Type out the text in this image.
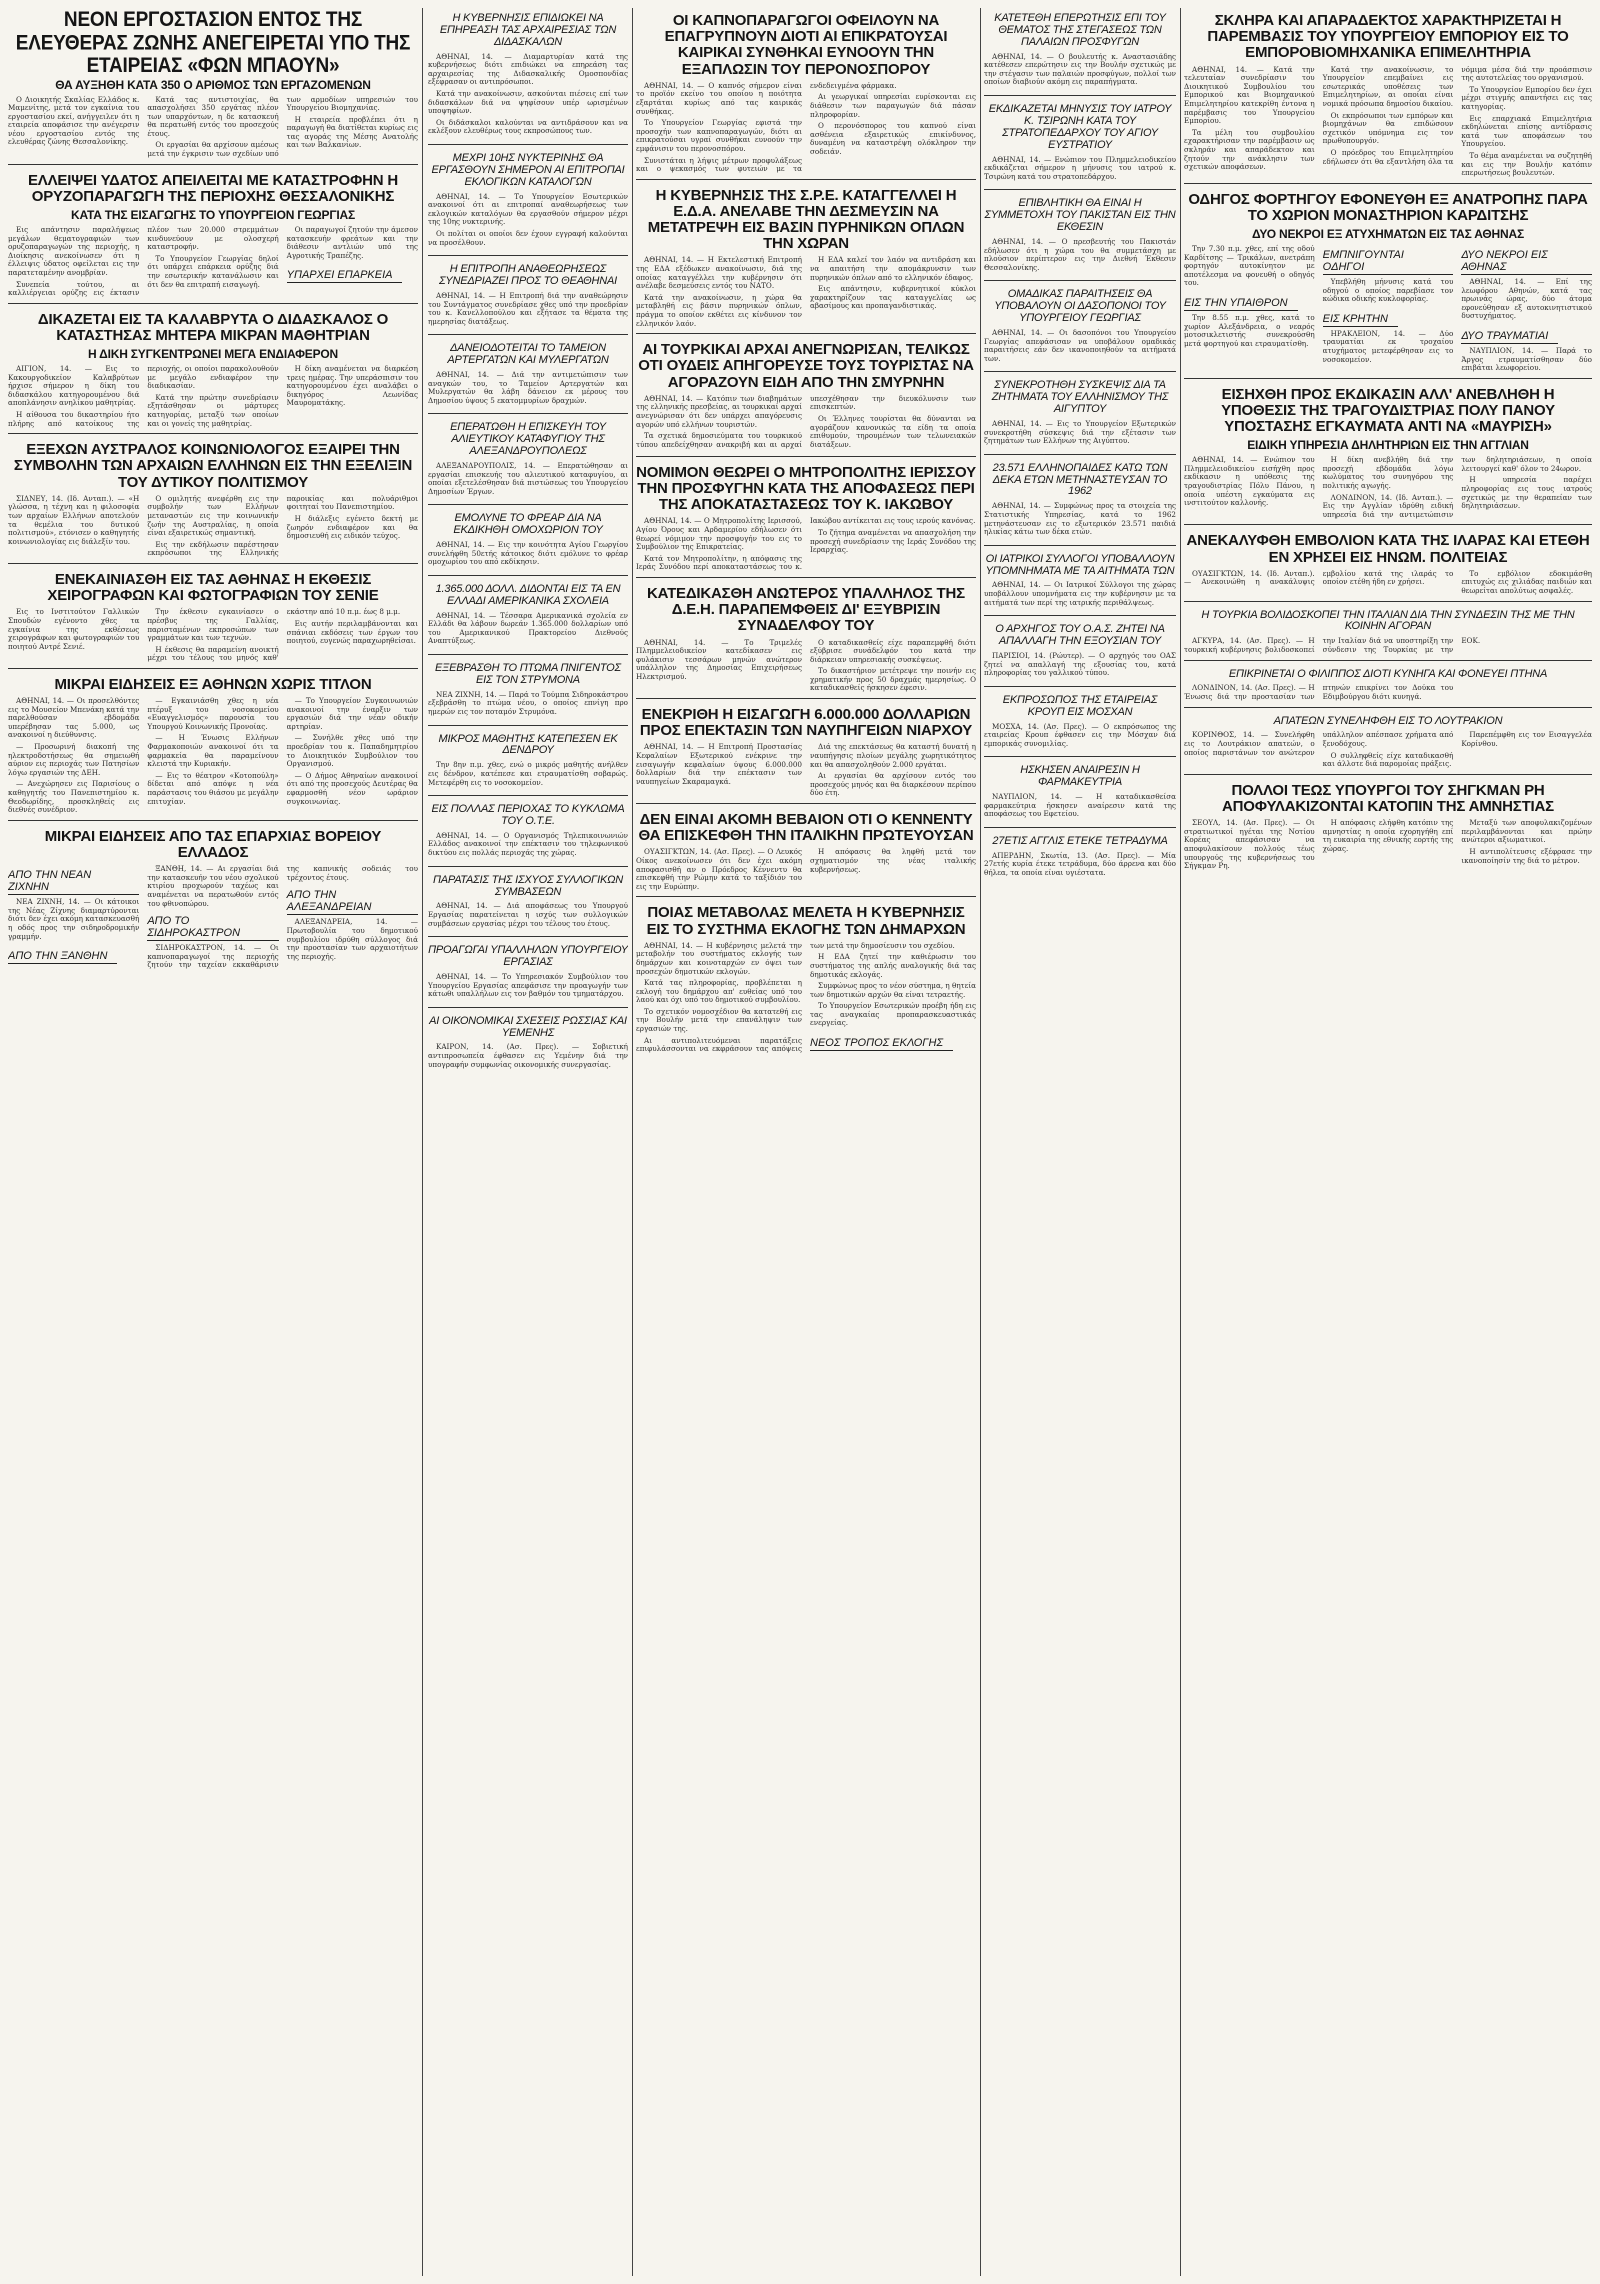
ΝΕΟΝ ΕΡΓΟΣΤΑΣΙΟΝ ΕΝΤΟΣ ΤΗΣ ΕΛΕΥΘΕΡΑΣ ΖΩΝΗΣ ΑΝΕΓΕΙΡΕΤΑΙ ΥΠΟ ΤΗΣ ΕΤΑΙΡΕΙΑΣ «ΦΩΝ ΜΠΑΟΥΝ»
ΘΑ ΑΥΞΗΘΗ ΚΑΤΑ 350 Ο ΑΡΙΘΜΟΣ ΤΩΝ ΕΡΓΑΖΟΜΕΝΩΝ

Ο Διοικητής Σκαλίας Ελλάδος κ. Μαμενίτης, μετά τον εγκαίνια του εργοστασίου εκεί, ανήγγειλεν ότι η εταιρεία αποφάσισε την ανέγερσιν νέου εργοστασίου εντός της ελευθέρας ζώνης Θεσσαλονίκης.

Κατά τας αντιστοιχίας, θα απασχολήσει 350 εργάτας πλέον των υπαρχόντων, η δε κατασκευή θα περατωθή εντός του προσεχούς έτους.

Οι εργασίαι θα αρχίσουν αμέσως μετά την έγκρισιν των σχεδίων υπό των αρμοδίων υπηρεσιών του Υπουργείου Βιομηχανίας.

Η εταιρεία προβλέπει ότι η παραγωγή θα διατίθεται κυρίως εις τας αγοράς της Μέσης Ανατολής και των Βαλκανίων.

ΕΛΛΕΙΨΕΙ ΥΔΑΤΟΣ ΑΠΕΙΛΕΙΤΑΙ ΜΕ ΚΑΤΑΣΤΡΟΦΗΝ Η ΟΡΥΖΟΠΑΡΑΓΩΓΗ ΤΗΣ ΠΕΡΙΟΧΗΣ ΘΕΣΣΑΛΟΝΙΚΗΣ
ΚΑΤΑ ΤΗΣ ΕΙΣΑΓΩΓΗΣ ΤΟ ΥΠΟΥΡΓΕΙΟΝ ΓΕΩΡΓΙΑΣ

Εις απάντησιν παραλήψεως μεγάλων θεματογραφιών των ορυζοπαραγωγών της περιοχής, η Διοίκησις ανεκοίνωσεν ότι η έλλειψις ύδατος οφείλεται εις την παρατεταμένην ανομβρίαν.

Συνεπεία τούτου, αι καλλιέργειαι ορύζης εις έκτασιν πλέον των 20.000 στρεμμάτων κινδυνεύουν με ολοσχερή καταστροφήν.

Το Υπουργείον Γεωργίας δηλοί ότι υπάρχει επάρκεια ορύζης διά την εσωτερικήν κατανάλωσιν και ότι δεν θα επιτραπή εισαγωγή.

Οι παραγωγοί ζητούν την άμεσον κατασκευήν φρεάτων και την διάθεσιν αντλιών υπό της Αγροτικής Τραπέζης.

ΥΠΑΡΧΕΙ ΕΠΑΡΚΕΙΑ
ΔΙΚΑΖΕΤΑΙ ΕΙΣ ΤΑ ΚΑΛΑΒΡΥΤΑ Ο ΔΙΔΑΣΚΑΛΟΣ Ο ΚΑΤΑΣΤΗΣΑΣ ΜΗΤΕΡΑ ΜΙΚΡΑΝ ΜΑΘΗΤΡΙΑΝ
Η ΔΙΚΗ ΣΥΓΚΕΝΤΡΩΝΕΙ ΜΕΓΑ ΕΝΔΙΑΦΕΡΟΝ

ΑΙΓΙΟΝ, 14. — Εις το Κακουργοδικείον Καλαβρύτων ήρχισε σήμερον η δίκη του διδασκάλου κατηγορουμένου διά αποπλάνησιν ανηλίκου μαθητρίας.

Η αίθουσα του δικαστηρίου ήτο πλήρης από κατοίκους της περιοχής, οι οποίοι παρακολουθούν με μεγάλο ενδιαφέρον την διαδικασίαν.

Κατά την πρώτην συνεδρίασιν εξητάσθησαν οι μάρτυρες κατηγορίας, μεταξύ των οποίων και οι γονείς της μαθητρίας.

Η δίκη αναμένεται να διαρκέση τρεις ημέρας. Την υπεράσπισιν του κατηγορουμένου έχει αναλάβει ο δικηγόρος Λεωνίδας Μαυροματάκης.

ΕΞΕΧΩΝ ΑΥΣΤΡΑΛΟΣ ΚΟΙΝΩΝΙΟΛΟΓΟΣ ΕΞΑΙΡΕΙ ΤΗΝ ΣΥΜΒΟΛΗΝ ΤΩΝ ΑΡΧΑΙΩΝ ΕΛΛΗΝΩΝ ΕΙΣ ΤΗΝ ΕΞΕΛΙΞΙΝ ΤΟΥ ΔΥΤΙΚΟΥ ΠΟΛΙΤΙΣΜΟΥ

ΣΙΔΝΕΥ, 14. (Ιδ. Ανταπ.). — «Η γλώσσα, η τέχνη και η φιλοσοφία των αρχαίων Ελλήνων αποτελούν τα θεμέλια του δυτικού πολιτισμού», ετόνισεν ο καθηγητής κοινωνιολογίας εις διάλεξίν του.

Ο ομιλητής ανεφέρθη εις την συμβολήν των Ελλήνων μεταναστών εις την κοινωνικήν ζωήν της Αυστραλίας, η οποία είναι εξαιρετικώς σημαντική.

Εις την εκδήλωσιν παρέστησαν εκπρόσωποι της Ελληνικής παροικίας και πολυάριθμοι φοιτηταί του Πανεπιστημίου.

Η διάλεξις εγένετο δεκτή με ζωηρόν ενδιαφέρον και θα δημοσιευθή εις ειδικόν τεύχος.

ΕΝΕΚΑΙΝΙΑΣΘΗ ΕΙΣ ΤΑΣ ΑΘΗΝΑΣ Η ΕΚΘΕΣΙΣ ΧΕΙΡΟΓΡΑΦΩΝ ΚΑΙ ΦΩΤΟΓΡΑΦΙΩΝ ΤΟΥ ΣΕΝΙΕ

Εις το Ινστιτούτον Γαλλικών Σπουδών εγένοντο χθες τα εγκαίνια της εκθέσεως χειρογράφων και φωτογραφιών του ποιητού Αντρέ Σενιέ.

Την έκθεσιν εγκαινίασεν ο πρέσβυς της Γαλλίας, παρισταμένων εκπροσώπων των γραμμάτων και των τεχνών.

Η έκθεσις θα παραμείνη ανοικτή μέχρι του τέλους του μηνός καθ' εκάστην από 10 π.μ. έως 8 μ.μ.

Εις αυτήν περιλαμβάνονται και σπάνιαι εκδόσεις των έργων του ποιητού, ευγενώς παραχωρηθείσαι.

ΜΙΚΡΑΙ ΕΙΔΗΣΕΙΣ ΕΞ ΑΘΗΝΩΝ ΧΩΡΙΣ ΤΙΤΛΟΝ

ΑΘΗΝΑΙ, 14. — Οι προσελθόντες εις το Μουσείον Μπενάκη κατά την παρελθούσαν εβδομάδα υπερέβησαν τας 5.000, ως ανακοινοί η διεύθυνσις.

— Προσωρινή διακοπή της ηλεκτροδοτήσεως θα σημειωθή αύριον εις περιοχάς των Πατησίων λόγω εργασιών της ΔΕΗ.

— Ανεχώρησεν εις Παρισίους ο καθηγητής του Πανεπιστημίου κ. Θεοδωρίδης, προσκληθείς εις διεθνές συνέδριον.

— Εγκαινιάσθη χθες η νέα πτέρυξ του νοσοκομείου «Ευαγγελισμός» παρουσία του Υπουργού Κοινωνικής Προνοίας.

— Η Ένωσις Ελλήνων Φαρμακοποιών ανακοινοί ότι τα φαρμακεία θα παραμείνουν κλειστά την Κυριακήν.

— Εις το θέατρον «Κοτοπούλη» δίδεται από απόψε η νέα παράστασις του θιάσου με μεγάλην επιτυχίαν.

— Το Υπουργείον Συγκοινωνιών ανακοινοί την έναρξιν των εργασιών διά την νέαν οδικήν αρτηρίαν.

— Συνήλθε χθες υπό την προεδρίαν του κ. Παπαδημητρίου το Διοικητικόν Συμβούλιον του Οργανισμού.

— Ο Δήμος Αθηναίων ανακοινοί ότι από της προσεχούς Δευτέρας θα εφαρμοσθή νέον ωράριον συγκοινωνίας.

ΜΙΚΡΑΙ ΕΙΔΗΣΕΙΣ ΑΠΟ ΤΑΣ ΕΠΑΡΧΙΑΣ ΒΟΡΕΙΟΥ ΕΛΛΑΔΟΣ
ΑΠΟ ΤΗΝ ΝΕΑΝ ΖΙΧΝΗΝ

ΝΕΑ ΖΙΧΝΗ, 14. — Οι κάτοικοι της Νέας Ζίχνης διαμαρτύρονται διότι δεν έχει ακόμη κατασκευασθή η οδός προς την σιδηροδρομικήν γραμμήν.

ΑΠΟ ΤΗΝ ΞΑΝΘΗΝ

ΞΑΝΘΗ, 14. — Αι εργασίαι διά την κατασκευήν του νέου σχολικού κτιρίου προχωρούν ταχέως και αναμένεται να περατωθούν εντός του φθινοπώρου.

ΑΠΟ ΤΟ ΣΙΔΗΡΟΚΑΣΤΡΟΝ

ΣΙΔΗΡΟΚΑΣΤΡΟΝ, 14. — Οι καπνοπαραγωγοί της περιοχής ζητούν την ταχείαν εκκαθάρισιν της καπνικής σοδειάς του τρέχοντος έτους.

ΑΠΟ ΤΗΝ ΑΛΕΞΑΝΔΡΕΙΑΝ

ΑΛΕΞΑΝΔΡΕΙΑ, 14. — Πρωτοβουλία του δημοτικού συμβουλίου ιδρύθη σύλλογος διά την προστασίαν των αρχαιοτήτων της περιοχής.

Η ΚΥΒΕΡΝΗΣΙΣ ΕΠΙΔΙΩΚΕΙ ΝΑ ΕΠΗΡΕΑΣΗ ΤΑΣ ΑΡΧΑΙΡΕΣΙΑΣ ΤΩΝ ΔΙΔΑΣΚΑΛΩΝ

ΑΘΗΝΑΙ, 14. — Διαμαρτυρίαν κατά της κυβερνήσεως διότι επιδιώκει να επηρεάση τας αρχαιρεσίας της Διδασκαλικής Ομοσπονδίας εξέφρασαν οι αντιπρόσωποι.

Κατά την ανακοίνωσιν, ασκούνται πιέσεις επί των διδασκάλων διά να ψηφίσουν υπέρ ωρισμένων υποψηφίων.

Οι διδάσκαλοι καλούνται να αντιδράσουν και να εκλέξουν ελευθέρως τους εκπροσώπους των.

ΜΕΧΡΙ 10ΗΣ ΝΥΚΤΕΡΙΝΗΣ ΘΑ ΕΡΓΑΣΘΟΥΝ ΣΗΜΕΡΟΝ ΑΙ ΕΠΙΤΡΟΠΑΙ ΕΚΛΟΓΙΚΩΝ ΚΑΤΑΛΟΓΩΝ

ΑΘΗΝΑΙ, 14. — Το Υπουργείον Εσωτερικών ανακοινοί ότι αι επιτροπαί αναθεωρήσεως των εκλογικών καταλόγων θα εργασθούν σήμερον μέχρι της 10ης νυκτερινής.

Οι πολίται οι οποίοι δεν έχουν εγγραφή καλούνται να προσέλθουν.

Η ΕΠΙΤΡΟΠΗ ΑΝΑΘΕΩΡΗΣΕΩΣ ΣΥΝΕΔΡΙΑΖΕΙ ΠΡΟΣ ΤΟ ΘΕΑΘΗΝΑΙ

ΑΘΗΝΑΙ, 14. — Η Επιτροπή διά την αναθεώρησιν του Συντάγματος συνεδρίασε χθες υπό την προεδρίαν του κ. Κανελλοπούλου και εξήτασε τα θέματα της ημερησίας διατάξεως.

ΔΑΝΕΙΟΔΟΤΕΙΤΑΙ ΤΟ ΤΑΜΕΙΟΝ ΑΡΤΕΡΓΑΤΩΝ ΚΑΙ ΜΥΛΕΡΓΑΤΩΝ

ΑΘΗΝΑΙ, 14. — Διά την αντιμετώπισιν των αναγκών του, το Ταμείον Αρτεργατών και Μυλεργατών θα λάβη δάνειον εκ μέρους του Δημοσίου ύψους 5 εκατομμυρίων δραχμών.

ΕΠΕΡΑΤΩΘΗ Η ΕΠΙΣΚΕΥΗ ΤΟΥ ΑΛΙΕΥΤΙΚΟΥ ΚΑΤΑΦΥΓΙΟΥ ΤΗΣ ΑΛΕΞΑΝΔΡΟΥΠΟΛΕΩΣ

ΑΛΕΞΑΝΔΡΟΥΠΟΛΙΣ, 14. — Επερατώθησαν αι εργασίαι επισκευής του αλιευτικού καταφυγίου, αι οποίαι εξετελέσθησαν διά πιστώσεως του Υπουργείου Δημοσίων Έργων.

ΕΜΟΛΥΝΕ ΤΟ ΦΡΕΑΡ ΔΙΑ ΝΑ ΕΚΔΙΚΗΘΗ ΟΜΟΧΩΡΙΟΝ ΤΟΥ

ΑΘΗΝΑΙ, 14. — Εις την κοινότητα Αγίου Γεωργίου συνελήφθη 50ετής κάτοικος διότι εμόλυνε το φρέαρ ομοχωρίου του από εκδίκησιν.

1.365.000 ΔΟΛΛ. ΔΙΔΟΝΤΑΙ ΕΙΣ ΤΑ ΕΝ ΕΛΛΑΔΙ ΑΜΕΡΙΚΑΝΙΚΑ ΣΧΟΛΕΙΑ

ΑΘΗΝΑΙ, 14. — Τέσσαρα Αμερικανικά σχολεία εν Ελλάδι θα λάβουν δωρεάν 1.365.000 δολλαρίων υπό του Αμερικανικού Πρακτορείου Διεθνούς Αναπτύξεως.

ΕΞΕΒΡΑΣΘΗ ΤΟ ΠΤΩΜΑ ΠΝΙΓΕΝΤΟΣ ΕΙΣ ΤΟΝ ΣΤΡΥΜΟΝΑ

ΝΕΑ ΖΙΧΝΗ, 14. — Παρά το Τούμπα Σιδηροκάστρου εξεβράσθη το πτώμα νέου, ο οποίος επνίγη προ ημερών εις τον ποταμόν Στρυμόνα.

ΜΙΚΡΟΣ ΜΑΘΗΤΗΣ ΚΑΤΕΠΕΣΕΝ ΕΚ ΔΕΝΔΡΟΥ

Την 8ην π.μ. χθες, ενώ ο μικρός μαθητής ανήλθεν εις δένδρον, κατέπεσε και ετραυματίσθη σοβαρώς. Μετεφέρθη εις το νοσοκομείον.

ΕΙΣ ΠΟΛΛΑΣ ΠΕΡΙΟΧΑΣ ΤΟ ΚΥΚΛΩΜΑ ΤΟΥ Ο.Τ.Ε.

ΑΘΗΝΑΙ, 14. — Ο Οργανισμός Τηλεπικοινωνιών Ελλάδος ανακοινοί την επέκτασιν του τηλεφωνικού δικτύου εις πολλάς περιοχάς της χώρας.

ΠΑΡΑΤΑΣΙΣ ΤΗΣ ΙΣΧΥΟΣ ΣΥΛΛΟΓΙΚΩΝ ΣΥΜΒΑΣΕΩΝ

ΑΘΗΝΑΙ, 14. — Διά αποφάσεως του Υπουργού Εργασίας παρατείνεται η ισχύς των συλλογικών συμβάσεων εργασίας μέχρι του τέλους του έτους.

ΠΡΟΑΓΩΓΑΙ ΥΠΑΛΛΗΛΩΝ ΥΠΟΥΡΓΕΙΟΥ ΕΡΓΑΣΙΑΣ

ΑΘΗΝΑΙ, 14. — Το Υπηρεσιακόν Συμβούλιον του Υπουργείου Εργασίας απεφάσισε την προαγωγήν των κάτωθι υπαλλήλων εις τον βαθμόν του τμηματάρχου.

ΑΙ ΟΙΚΟΝΟΜΙΚΑΙ ΣΧΕΣΕΙΣ ΡΩΣΣΙΑΣ ΚΑΙ ΥΕΜΕΝΗΣ

ΚΑΙΡΟΝ, 14. (Ασ. Πρες). — Σοβιετική αντιπροσωπεία έφθασεν εις Υεμένην διά την υπογραφήν συμφωνίας οικονομικής συνεργασίας.

ΟΙ ΚΑΠΝΟΠΑΡΑΓΩΓΟΙ ΟΦΕΙΛΟΥΝ ΝΑ ΕΠΑΓΡΥΠΝΟΥΝ ΔΙΟΤΙ ΑΙ ΕΠΙΚΡΑΤΟΥΣΑΙ ΚΑΙΡΙΚΑΙ ΣΥΝΘΗΚΑΙ ΕΥΝΟΟΥΝ ΤΗΝ ΕΞΑΠΛΩΣΙΝ ΤΟΥ ΠΕΡΟΝΟΣΠΟΡΟΥ

ΑΘΗΝΑΙ, 14. — Ο καπνός σήμερον είναι το προϊόν εκείνο του οποίου η ποιότητα εξαρτάται κυρίως από τας καιρικάς συνθήκας.

Το Υπουργείον Γεωργίας εφιστά την προσοχήν των καπνοπαραγωγών, διότι αι επικρατούσαι υγραί συνθήκαι ευνοούν την εμφάνισιν του περονοσπόρου.

Συνιστάται η λήψις μέτρων προφυλάξεως και ο ψεκασμός των φυτειών με τα ενδεδειγμένα φάρμακα.

Αι γεωργικαί υπηρεσίαι ευρίσκονται εις διάθεσιν των παραγωγών διά πάσαν πληροφορίαν.

Ο περονόσπορος του καπνού είναι ασθένεια εξαιρετικώς επικίνδυνος, δυναμένη να καταστρέψη ολόκληρον την σοδειάν.

Η ΚΥΒΕΡΝΗΣΙΣ ΤΗΣ Σ.Ρ.Ε. ΚΑΤΑΓΓΕΛΛΕΙ Η Ε.Δ.Α. ΑΝΕΛΑΒΕ ΤΗΝ ΔΕΣΜΕΥΣΙΝ ΝΑ ΜΕΤΑΤΡΕΨΗ ΕΙΣ ΒΑΣΙΝ ΠΥΡΗΝΙΚΩΝ ΟΠΛΩΝ ΤΗΝ ΧΩΡΑΝ

ΑΘΗΝΑΙ, 14. — Η Εκτελεστική Επιτροπή της ΕΔΑ εξέδωκεν ανακοίνωσιν, διά της οποίας καταγγέλλει την κυβέρνησιν ότι ανέλαβε δεσμεύσεις εντός του ΝΑΤΟ.

Κατά την ανακοίνωσιν, η χώρα θα μεταβληθή εις βάσιν πυρηνικών όπλων, πράγμα το οποίον εκθέτει εις κίνδυνον τον ελληνικόν λαόν.

Η ΕΔΑ καλεί τον λαόν να αντιδράση και να απαιτήση την απομάκρυνσιν των πυρηνικών όπλων από το ελληνικόν έδαφος.

Εις απάντησιν, κυβερνητικοί κύκλοι χαρακτηρίζουν τας καταγγελίας ως αβασίμους και προπαγανδιστικάς.

ΑΙ ΤΟΥΡΚΙΚΑΙ ΑΡΧΑΙ ΑΝΕΓΝΩΡΙΣΑΝ, ΤΕΛΙΚΩΣ ΟΤΙ ΟΥΔΕΙΣ ΑΠΗΓΟΡΕΥΣΕ ΤΟΥΣ ΤΟΥΡΙΣΤΑΣ ΝΑ ΑΓΟΡΑΖΟΥΝ ΕΙΔΗ ΑΠΟ ΤΗΝ ΣΜΥΡΝΗΝ

ΑΘΗΝΑΙ, 14. — Κατόπιν των διαβημάτων της ελληνικής πρεσβείας, αι τουρκικαί αρχαί ανεγνώρισαν ότι δεν υπάρχει απαγόρευσις αγορών υπό ελλήνων τουριστών.

Τα σχετικά δημοσιεύματα του τουρκικού τύπου απεδείχθησαν ανακριβή και αι αρχαί υπεσχέθησαν την διευκόλυνσιν των επισκεπτών.

Οι Έλληνες τουρίσται θα δύνανται να αγοράζουν κανονικώς τα είδη τα οποία επιθυμούν, τηρουμένων των τελωνειακών διατάξεων.

ΝΟΜΙΜΟΝ ΘΕΩΡΕΙ Ο ΜΗΤΡΟΠΟΛΙΤΗΣ ΙΕΡΙΣΣΟΥ ΤΗΝ ΠΡΟΣΦΥΓΗΝ ΚΑΤΑ ΤΗΣ ΑΠΟΦΑΣΕΩΣ ΠΕΡΙ ΤΗΣ ΑΠΟΚΑΤΑΣΤΑΣΕΩΣ ΤΟΥ Κ. ΙΑΚΩΒΟΥ

ΑΘΗΝΑΙ, 14. — Ο Μητροπολίτης Ιερισσού, Αγίου Όρους και Αρδαμερίου εδήλωσεν ότι θεωρεί νόμιμον την προσφυγήν του εις το Συμβούλιον της Επικρατείας.

Κατά τον Μητροπολίτην, η απόφασις της Ιεράς Συνόδου περί αποκαταστάσεως του κ. Ιακώβου αντίκειται εις τους ιερούς κανόνας.

Το ζήτημα αναμένεται να απασχολήση την προσεχή συνεδρίασιν της Ιεράς Συνόδου της Ιεραρχίας.

ΚΑΤΕΔΙΚΑΣΘΗ ΑΝΩΤΕΡΟΣ ΥΠΑΛΛΗΛΟΣ ΤΗΣ Δ.Ε.Η. ΠΑΡΑΠΕΜΦΘΕΙΣ ΔΙ' ΕΞΥΒΡΙΣΙΝ ΣΥΝΑΔΕΛΦΟΥ ΤΟΥ

ΑΘΗΝΑΙ, 14. — Το Τριμελές Πλημμελειοδικείον κατεδίκασεν εις φυλάκισιν τεσσάρων μηνών ανώτερον υπάλληλον της Δημοσίας Επιχειρήσεως Ηλεκτρισμού.

Ο καταδικασθείς είχε παραπεμφθή διότι εξύβρισε συνάδελφόν του κατά την διάρκειαν υπηρεσιακής συσκέψεως.

Το δικαστήριον μετέτρεψε την ποινήν εις χρηματικήν προς 50 δραχμάς ημερησίως. Ο καταδικασθείς ήσκησεν έφεσιν.

ΕΝΕΚΡΙΘΗ Η ΕΙΣΑΓΩΓΗ 6.000.000 ΔΟΛΛΑΡΙΩΝ ΠΡΟΣ ΕΠΕΚΤΑΣΙΝ ΤΩΝ ΝΑΥΠΗΓΕΙΩΝ ΝΙΑΡΧΟΥ

ΑΘΗΝΑΙ, 14. — Η Επιτροπή Προστασίας Κεφαλαίων Εξωτερικού ενέκρινε την εισαγωγήν κεφαλαίων ύψους 6.000.000 δολλαρίων διά την επέκτασιν των ναυπηγείων Σκαραμαγκά.

Διά της επεκτάσεως θα καταστή δυνατή η ναυπήγησις πλοίων μεγάλης χωρητικότητος και θα απασχοληθούν 2.000 εργάται.

Αι εργασίαι θα αρχίσουν εντός του προσεχούς μηνός και θα διαρκέσουν περίπου δύο έτη.

ΔΕΝ ΕΙΝΑΙ ΑΚΟΜΗ ΒΕΒΑΙΟΝ ΟΤΙ Ο ΚΕΝΝΕΝΤΥ ΘΑ ΕΠΙΣΚΕΦΘΗ ΤΗΝ ΙΤΑΛΙΚΗΝ ΠΡΩΤΕΥΟΥΣΑΝ

ΟΥΑΣΙΓΚΤΩΝ, 14. (Ασ. Πρες). — Ο Λευκός Οίκος ανεκοίνωσεν ότι δεν έχει ακόμη αποφασισθή αν ο Πρόεδρος Κέννεντυ θα επισκεφθή την Ρώμην κατά το ταξίδιόν του εις την Ευρώπην.

Η απόφασις θα ληφθή μετά τον σχηματισμόν της νέας ιταλικής κυβερνήσεως.

ΠΟΙΑΣ ΜΕΤΑΒΟΛΑΣ ΜΕΛΕΤΑ Η ΚΥΒΕΡΝΗΣΙΣ ΕΙΣ ΤΟ ΣΥΣΤΗΜΑ ΕΚΛΟΓΗΣ ΤΩΝ ΔΗΜΑΡΧΩΝ

ΑΘΗΝΑΙ, 14. — Η κυβέρνησις μελετά την μεταβολήν του συστήματος εκλογής των δημάρχων και κοινοταρχών εν όψει των προσεχών δημοτικών εκλογών.

Κατά τας πληροφορίας, προβλέπεται η εκλογή του δημάρχου απ' ευθείας υπό του λαού και όχι υπό του δημοτικού συμβουλίου.

Το σχετικόν νομοσχέδιον θα κατατεθή εις την Βουλήν μετά την επανάληψιν των εργασιών της.

Αι αντιπολιτευόμεναι παρατάξεις επιφυλάσσονται να εκφράσουν τας απόψεις των μετά την δημοσίευσιν του σχεδίου.

Η ΕΔΑ ζητεί την καθιέρωσιν του συστήματος της απλής αναλογικής διά τας δημοτικάς εκλογάς.

Συμφώνως προς το νέον σύστημα, η θητεία των δημοτικών αρχών θα είναι τετραετής.

Το Υπουργείον Εσωτερικών προέβη ήδη εις τας αναγκαίας προπαρασκευαστικάς ενεργείας.

ΝΕΟΣ ΤΡΟΠΟΣ ΕΚΛΟΓΗΣ
ΚΑΤΕΤΕΘΗ ΕΠΕΡΩΤΗΣΙΣ ΕΠΙ ΤΟΥ ΘΕΜΑΤΟΣ ΤΗΣ ΣΤΕΓΑΣΕΩΣ ΤΩΝ ΠΑΛΑΙΩΝ ΠΡΟΣΦΥΓΩΝ

ΑΘΗΝΑΙ, 14. — Ο βουλευτής κ. Αναστασιάδης κατέθεσεν επερώτησιν εις την Βουλήν σχετικώς με την στέγασιν των παλαιών προσφύγων, πολλοί των οποίων διαβιούν ακόμη εις παραπήγματα.

ΕΚΔΙΚΑΖΕΤΑΙ ΜΗΝΥΣΙΣ ΤΟΥ ΙΑΤΡΟΥ Κ. ΤΣΙΡΩΝΗ ΚΑΤΑ ΤΟΥ ΣΤΡΑΤΟΠΕΔΑΡΧΟΥ ΤΟΥ ΑΓΙΟΥ ΕΥΣΤΡΑΤΙΟΥ

ΑΘΗΝΑΙ, 14. — Ενώπιον του Πλημμελειοδικείου εκδικάζεται σήμερον η μήνυσις του ιατρού κ. Τσιρώνη κατά του στρατοπεδάρχου.

ΕΠΙΒΛΗΤΙΚΗ ΘΑ ΕΙΝΑΙ Η ΣΥΜΜΕΤΟΧΗ ΤΟΥ ΠΑΚΙΣΤΑΝ ΕΙΣ ΤΗΝ ΕΚΘΕΣΙΝ

ΑΘΗΝΑΙ, 14. — Ο πρεσβευτής του Πακιστάν εδήλωσεν ότι η χώρα του θα συμμετάσχη με πλούσιον περίπτερον εις την Διεθνή Έκθεσιν Θεσσαλονίκης.

ΟΜΑΔΙΚΑΣ ΠΑΡΑΙΤΗΣΕΙΣ ΘΑ ΥΠΟΒΑΛΟΥΝ ΟΙ ΔΑΣΟΠΟΝΟΙ ΤΟΥ ΥΠΟΥΡΓΕΙΟΥ ΓΕΩΡΓΙΑΣ

ΑΘΗΝΑΙ, 14. — Οι δασοπόνοι του Υπουργείου Γεωργίας απεφάσισαν να υποβάλουν ομαδικάς παραιτήσεις εάν δεν ικανοποιηθούν τα αιτήματά των.

ΣΥΝΕΚΡΟΤΗΘΗ ΣΥΣΚΕΨΙΣ ΔΙΑ ΤΑ ΖΗΤΗΜΑΤΑ ΤΟΥ ΕΛΛΗΝΙΣΜΟΥ ΤΗΣ ΑΙΓΥΠΤΟΥ

ΑΘΗΝΑΙ, 14. — Εις το Υπουργείον Εξωτερικών συνεκροτήθη σύσκεψις διά την εξέτασιν των ζητημάτων των Ελλήνων της Αιγύπτου.

23.571 ΕΛΛΗΝΟΠΑΙΔΕΣ ΚΑΤΩ ΤΩΝ ΔΕΚΑ ΕΤΩΝ ΜΕΤΗΝΑΣΤΕΥΣΑΝ ΤΟ 1962

ΑΘΗΝΑΙ, 14. — Συμφώνως προς τα στοιχεία της Στατιστικής Υπηρεσίας, κατά το 1962 μετηνάστευσαν εις το εξωτερικόν 23.571 παιδιά ηλικίας κάτω των δέκα ετών.

ΟΙ ΙΑΤΡΙΚΟΙ ΣΥΛΛΟΓΟΙ ΥΠΟΒΑΛΛΟΥΝ ΥΠΟΜΝΗΜΑΤΑ ΜΕ ΤΑ ΑΙΤΗΜΑΤΑ ΤΩΝ

ΑΘΗΝΑΙ, 14. — Οι Ιατρικοί Σύλλογοι της χώρας υποβάλλουν υπομνήματα εις την κυβέρνησιν με τα αιτήματά των περί της ιατρικής περιθάλψεως.

Ο ΑΡΧΗΓΟΣ ΤΟΥ Ο.Α.Σ. ΖΗΤΕΙ ΝΑ ΑΠΑΛΛΑΓΗ ΤΗΝ ΕΞΟΥΣΙΑΝ ΤΟΥ

ΠΑΡΙΣΙΟΙ, 14. (Ρώυτερ). — Ο αρχηγός του ΟΑΣ ζητεί να απαλλαγή της εξουσίας του, κατά πληροφορίας του γαλλικού τύπου.

ΕΚΠΡΟΣΩΠΟΣ ΤΗΣ ΕΤΑΙΡΕΙΑΣ ΚΡΟΥΠ ΕΙΣ ΜΟΣΧΑΝ

ΜΟΣΧΑ, 14. (Ασ. Πρες). — Ο εκπρόσωπος της εταιρείας Κρουπ έφθασεν εις την Μόσχαν διά εμπορικάς συνομιλίας.

ΗΣΚΗΣΕΝ ΑΝΑΙΡΕΣΙΝ Η ΦΑΡΜΑΚΕΥΤΡΙΑ

ΝΑΥΠΛΙΟΝ, 14. — Η καταδικασθείσα φαρμακεύτρια ήσκησεν αναίρεσιν κατά της αποφάσεως του Εφετείου.

27ΕΤΙΣ ΑΓΓΛΙΣ ΕΤΕΚΕ ΤΕΤΡΑΔΥΜΑ

ΑΠΕΡΔΗΝ, Σκωτία, 13. (Ασ. Πρες). — Μία 27ετής κυρία έτεκε τετράδυμα, δύο άρρενα και δύο θήλεα, τα οποία είναι υγιέστατα.

ΣΚΛΗΡΑ ΚΑΙ ΑΠΑΡΑΔΕΚΤΟΣ ΧΑΡΑΚΤΗΡΙΖΕΤΑΙ Η ΠΑΡΕΜΒΑΣΙΣ ΤΟΥ ΥΠΟΥΡΓΕΙΟΥ ΕΜΠΟΡΙΟΥ ΕΙΣ ΤΟ ΕΜΠΟΡΟΒΙΟΜΗΧΑΝΙΚΑ ΕΠΙΜΕΛΗΤΗΡΙΑ

ΑΘΗΝΑΙ, 14. — Κατά την τελευταίαν συνεδρίασιν του Διοικητικού Συμβουλίου του Εμπορικού και Βιομηχανικού Επιμελητηρίου κατεκρίθη έντονα η παρέμβασις του Υπουργείου Εμπορίου.

Τα μέλη του συμβουλίου εχαρακτήρισαν την παρέμβασιν ως σκληράν και απαράδεκτον και ζητούν την ανάκλησιν των σχετικών αποφάσεων.

Κατά την ανακοίνωσιν, το Υπουργείον επεμβαίνει εις εσωτερικάς υποθέσεις των Επιμελητηρίων, αι οποίαι είναι νομικά πρόσωπα δημοσίου δικαίου.

Οι εκπρόσωποι των εμπόρων και βιομηχάνων θα επιδώσουν σχετικόν υπόμνημα εις τον πρωθυπουργόν.

Ο πρόεδρος του Επιμελητηρίου εδήλωσεν ότι θα εξαντλήση όλα τα νόμιμα μέσα διά την προάσπισιν της αυτοτελείας του οργανισμού.

Το Υπουργείον Εμπορίου δεν έχει μέχρι στιγμής απαντήσει εις τας κατηγορίας.

Εις επαρχιακά Επιμελητήρια εκδηλώνεται επίσης αντίδρασις κατά των αποφάσεων του Υπουργείου.

Το θέμα αναμένεται να συζητηθή και εις την Βουλήν κατόπιν επερωτήσεως βουλευτών.

ΟΔΗΓΟΣ ΦΟΡΤΗΓΟΥ ΕΦΟΝΕΥΘΗ ΕΞ ΑΝΑΤΡΟΠΗΣ ΠΑΡΑ ΤΟ ΧΩΡΙΟΝ ΜΟΝΑΣΤΗΡΙΟΝ ΚΑΡΔΙΤΣΗΣ
ΔΥΟ ΝΕΚΡΟΙ ΕΞ ΑΤΥΧΗΜΑΤΩΝ ΕΙΣ ΤΑΣ ΑΘΗΝΑΣ

Την 7.30 π.μ. χθες, επί της οδού Καρδίτσης — Τρικάλων, ανετράπη φορτηγόν αυτοκίνητον με αποτέλεσμα να φονευθή ο οδηγός του.

ΕΙΣ ΤΗΝ ΥΠΑΙΘΡΟΝ

Την 8.55 π.μ. χθες, κατά το χωρίον Αλεξάνδρεια, ο νεαρός μοτοσικλετιστής συνεκρούσθη μετά φορτηγού και ετραυματίσθη.

ΕΜΠΝΙΓΟΥΝΤΑΙ ΟΔΗΓΟΙ

Υπεβλήθη μήνυσις κατά του οδηγού ο οποίος παρεβίασε τον κώδικα οδικής κυκλοφορίας.

ΕΙΣ ΚΡΗΤΗΝ

ΗΡΑΚΛΕΙΟΝ, 14. — Δύο τραυματίαι εκ τροχαίου ατυχήματος μετεφέρθησαν εις το νοσοκομείον.

ΔΥΟ ΝΕΚΡΟΙ ΕΙΣ ΑΘΗΝΑΣ

ΑΘΗΝΑΙ, 14. — Επί της λεωφόρου Αθηνών, κατά τας πρωινάς ώρας, δύο άτομα εφονεύθησαν εξ αυτοκινητιστικού δυστυχήματος.

ΔΥΟ ΤΡΑΥΜΑΤΙΑΙ

ΝΑΥΠΛΙΟΝ, 14. — Παρά το Άργος ετραυματίσθησαν δύο επιβάται λεωφορείου.

ΕΙΣΗΧΘΗ ΠΡΟΣ ΕΚΔΙΚΑΣΙΝ ΑΛΛ' ΑΝΕΒΛΗΘΗ Η ΥΠΟΘΕΣΙΣ ΤΗΣ ΤΡΑΓΟΥΔΙΣΤΡΙΑΣ ΠΟΛΥ ΠΑΝΟΥ ΥΠΟΣΤΑΣΗΣ ΕΓΚΑΥΜΑΤΑ ΑΝΤΙ ΝΑ «ΜΑΥΡΙΣΗ»
ΕΙΔΙΚΗ ΥΠΗΡΕΣΙΑ ΔΗΛΗΤΗΡΙΩΝ ΕΙΣ ΤΗΝ ΑΓΓΛΙΑΝ

ΑΘΗΝΑΙ, 14. — Ενώπιον του Πλημμελειοδικείου εισήχθη προς εκδίκασιν η υπόθεσις της τραγουδιστρίας Πόλυ Πάνου, η οποία υπέστη εγκαύματα εις ινστιτούτον καλλονής.

Η δίκη ανεβλήθη διά την προσεχή εβδομάδα λόγω κωλύματος του συνηγόρου της πολιτικής αγωγής.

ΛΟΝΔΙΝΟΝ, 14. (Ιδ. Ανταπ.). — Εις την Αγγλίαν ιδρύθη ειδική υπηρεσία διά την αντιμετώπισιν των δηλητηριάσεων, η οποία λειτουργεί καθ' όλον το 24ωρον.

Η υπηρεσία παρέχει πληροφορίας εις τους ιατρούς σχετικώς με την θεραπείαν των δηλητηριάσεων.

ΑΝΕΚΑΛΥΦΘΗ ΕΜΒΟΛΙΟΝ ΚΑΤΑ ΤΗΣ ΙΛΑΡΑΣ ΚΑΙ ΕΤΕΘΗ ΕΝ ΧΡΗΣΕΙ ΕΙΣ ΗΝΩΜ. ΠΟΛΙΤΕΙΑΣ

ΟΥΑΣΙΓΚΤΩΝ, 14. (Ιδ. Ανταπ.). — Ανεκοινώθη η ανακάλυψις εμβολίου κατά της ιλαράς το οποίον ετέθη ήδη εν χρήσει.

Το εμβόλιον εδοκιμάσθη επιτυχώς εις χιλιάδας παιδιών και θεωρείται απολύτως ασφαλές.

Η ΤΟΥΡΚΙΑ ΒΟΛΙΔΟΣΚΟΠΕΙ ΤΗΝ ΙΤΑΛΙΑΝ ΔΙΑ ΤΗΝ ΣΥΝΔΕΣΙΝ ΤΗΣ ΜΕ ΤΗΝ ΚΟΙΝΗΝ ΑΓΟΡΑΝ

ΑΓΚΥΡΑ, 14. (Ασ. Πρες). — Η τουρκική κυβέρνησις βολιδοσκοπεί την Ιταλίαν διά να υποστηρίξη την σύνδεσιν της Τουρκίας με την ΕΟΚ.

ΕΠΙΚΡΙΝΕΤΑΙ Ο ΦΙΛΙΠΠΟΣ ΔΙΟΤΙ ΚΥΝΗΓΑ ΚΑΙ ΦΟΝΕΥΕΙ ΠΤΗΝΑ

ΛΟΝΔΙΝΟΝ, 14. (Ασ. Πρες). — Η Ένωσις διά την προστασίαν των πτηνών επικρίνει τον Δούκα του Εδιμβούργου διότι κυνηγά.

ΑΠΑΤΕΩΝ ΣΥΝΕΛΗΦΘΗ ΕΙΣ ΤΟ ΛΟΥΤΡΑΚΙΟΝ

ΚΟΡΙΝΘΟΣ, 14. — Συνελήφθη εις το Λουτράκιον απατεών, ο οποίος παριστάνων τον ανώτερον υπάλληλον απέσπασε χρήματα από ξενοδόχους.

Ο συλληφθείς είχε καταδικασθή και άλλοτε διά παρομοίας πράξεις.

Παρεπέμφθη εις τον Εισαγγελέα Κορίνθου.

ΠΟΛΛΟΙ ΤΕΩΣ ΥΠΟΥΡΓΟΙ ΤΟΥ ΣΗΓΚΜΑΝ ΡΗ ΑΠΟΦΥΛΑΚΙΖΟΝΤΑΙ ΚΑΤΟΠΙΝ ΤΗΣ ΑΜΝΗΣΤΙΑΣ

ΣΕΟΥΛ, 14. (Ασ. Πρες). — Οι στρατιωτικοί ηγέται της Νοτίου Κορέας απεφάσισαν να αποφυλακίσουν πολλούς τέως υπουργούς της κυβερνήσεως του Σήγκμαν Ρη.

Η απόφασις ελήφθη κατόπιν της αμνηστίας η οποία εχορηγήθη επί τη ευκαιρία της εθνικής εορτής της χώρας.

Μεταξύ των αποφυλακιζομένων περιλαμβάνονται και πρώην ανώτεροι αξιωματικοί.

Η αντιπολίτευσις εξέφρασε την ικανοποίησίν της διά το μέτρον.
